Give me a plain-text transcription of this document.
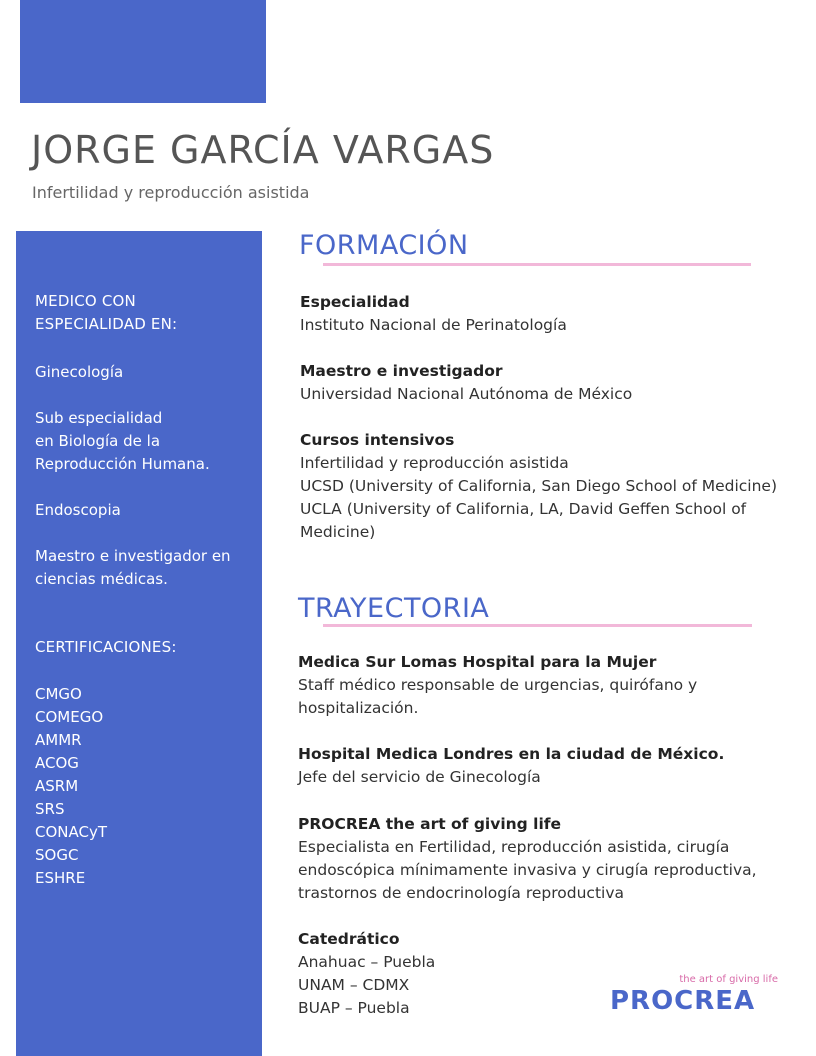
JORGE GARCÍA VARGAS
Infertilidad y reproducción asistida
MEDICO CON
ESPECIALIDAD EN:
Ginecología
Sub especialidad
en Biología de la
Reproducción Humana.
Endoscopia
Maestro e investigador en
ciencias médicas.
CERTIFICACIONES:
CMGO
COMEGO
AMMR
ACOG
ASRM
SRS
CONACyT
SOGC
ESHRE
FORMACIÓN
Especialidad
Instituto Nacional de Perinatología
Maestro e investigador
Universidad Nacional Autónoma de México
Cursos intensivos
Infertilidad y reproducción asistida
UCSD (University of California, San Diego School of Medicine)
UCLA (University of California, LA, David Geffen School of
Medicine)
TRAYECTORIA
Medica Sur Lomas Hospital para la Mujer
Staff médico responsable de urgencias, quirófano y
hospitalización.
Hospital Medica Londres en la ciudad de México.
Jefe del servicio de Ginecología
PROCREA the art of giving life
Especialista en Fertilidad, reproducción asistida, cirugía
endoscópica mínimamente invasiva y cirugía reproductiva,
trastornos de endocrinología reproductiva
Catedrático
Anahuac – Puebla
UNAM – CDMX
BUAP – Puebla
the art of giving life
PROCREA
